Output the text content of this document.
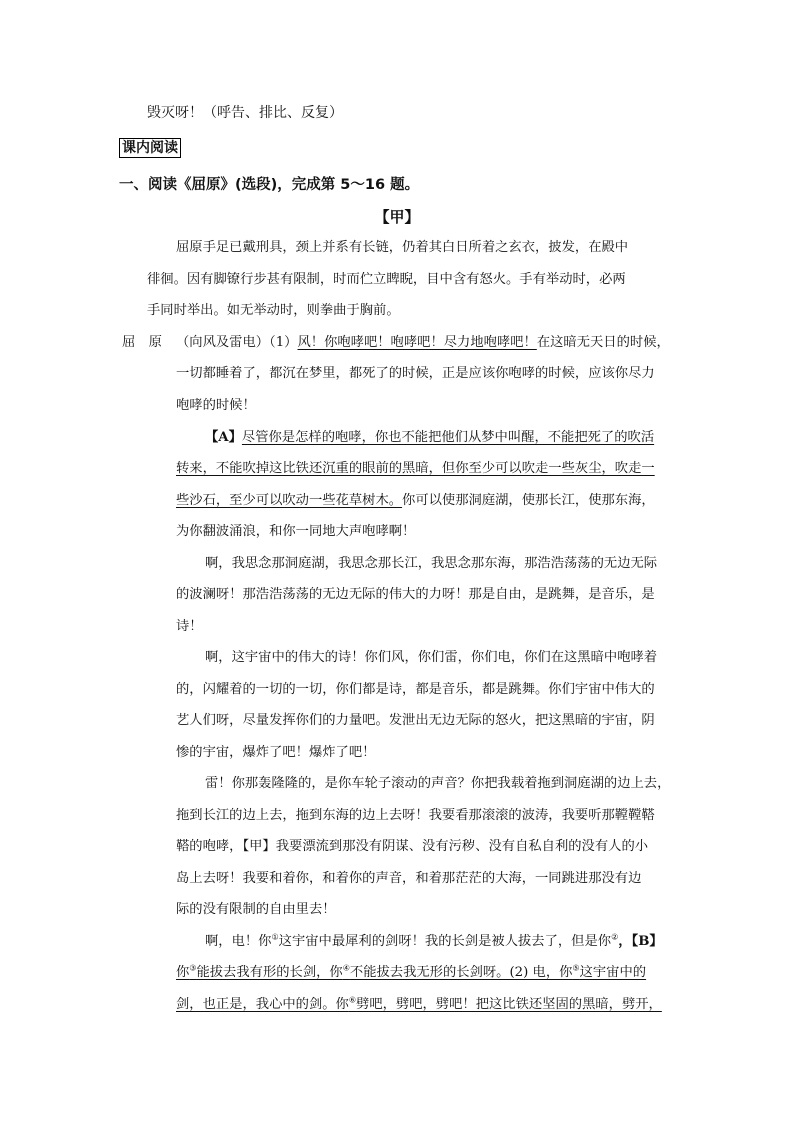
毁灭呀！（呼告、排比、反复）
课内阅读
一、阅读《屈原》(选段)，完成第 5～16 题。
【甲】
屈原手足已戴刑具，颈上并系有长链，仍着其白日所着之玄衣，披发，在殿中
徘徊。因有脚镣行步甚有限制，时而伫立睥睨，目中含有怒火。手有举动时，必两
手同时举出。如无举动时，则拳曲于胸前。
屈　原 （向风及雷电）（1）风！你咆哮吧！咆哮吧！尽力地咆哮吧！在这暗无天日的时候，
一切都睡着了，都沉在梦里，都死了的时候，正是应该你咆哮的时候，应该你尽力
咆哮的时候！
【A】尽管你是怎样的咆哮，你也不能把他们从梦中叫醒，不能把死了的吹活
转来，不能吹掉这比铁还沉重的眼前的黑暗，但你至少可以吹走一些灰尘，吹走一
些沙石，至少可以吹动一些花草树木。你可以使那洞庭湖，使那长江，使那东海，
为你翻波涌浪，和你一同地大声咆哮啊！
啊，我思念那洞庭湖，我思念那长江，我思念那东海，那浩浩荡荡的无边无际
的波澜呀！那浩浩荡荡的无边无际的伟大的力呀！那是自由，是跳舞，是音乐，是
诗！
啊，这宇宙中的伟大的诗！你们风，你们雷，你们电，你们在这黑暗中咆哮着
的，闪耀着的一切的一切，你们都是诗，都是音乐，都是跳舞。你们宇宙中伟大的
艺人们呀，尽量发挥你们的力量吧。发泄出无边无际的怒火，把这黑暗的宇宙，阴
惨的宇宙，爆炸了吧！爆炸了吧！
雷！你那轰隆隆的，是你车轮子滚动的声音？你把我载着拖到洞庭湖的边上去，
拖到长江的边上去，拖到东海的边上去呀！我要看那滚滚的波涛，我要听那鞺鞺鞳
鞳的咆哮，【甲】我要漂流到那没有阴谋、没有污秽、没有自私自利的没有人的小
岛上去呀！我要和着你，和着你的声音，和着那茫茫的大海，一同跳进那没有边
际的没有限制的自由里去！
啊，电！你①这宇宙中最犀利的剑呀！我的长剑是被人拔去了，但是你②，【B】
你③能拔去我有形的长剑，你④不能拔去我无形的长剑呀。(2) 电，你⑤这宇宙中的
剑，也正是，我心中的剑。你⑥劈吧，劈吧，劈吧！把这比铁还坚固的黑暗，劈开，
